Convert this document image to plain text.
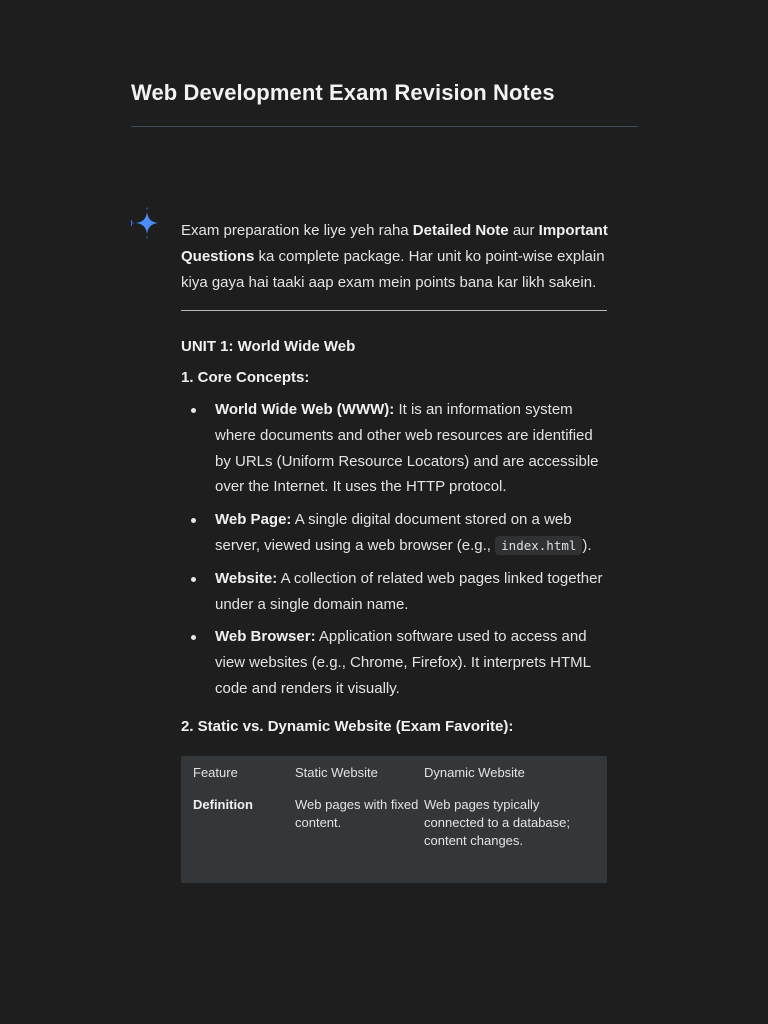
Web Development Exam Revision Notes

Exam preparation ke liye yeh raha Detailed Note aur Important Questions ka complete package. Har unit ko point-wise explain kiya gaya hai taaki aap exam mein points bana kar likh sakein.

UNIT 1: World Wide Web

1. Core Concepts:

World Wide Web (WWW): It is an information system where documents and other web resources are identified by URLs (Uniform Resource Locators) and are accessible over the Internet. It uses the HTTP protocol.
Web Page: A single digital document stored on a web server, viewed using a web browser (e.g., index.html ).
Website: A collection of related web pages linked together under a single domain name.
Web Browser: Application software used to access and view websites (e.g., Chrome, Firefox). It interprets HTML code and renders it visually.

2. Static vs. Dynamic Website (Exam Favorite):

Feature	Static Website	Dynamic Website
Definition	Web pages with fixed content.	Web pages typically connected to a database; content changes.
